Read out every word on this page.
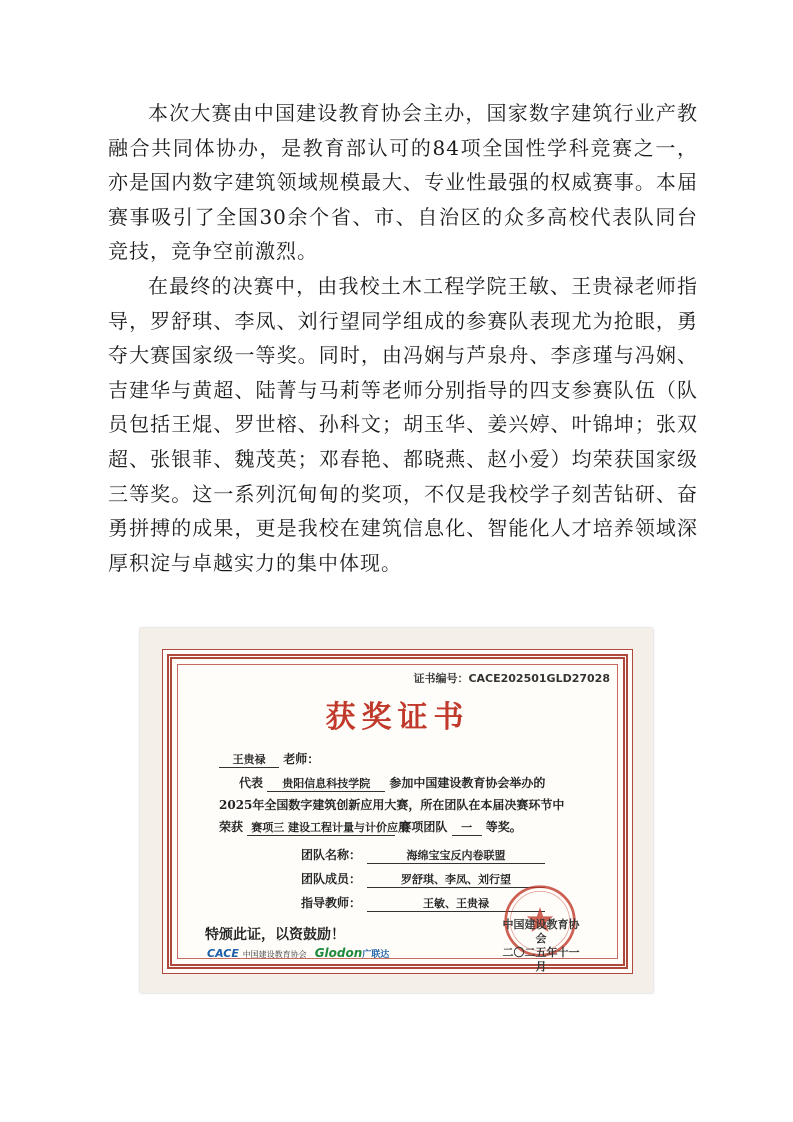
本次大赛由中国建设教育协会主办，国家数字建筑行业产教融合共同体协办，是教育部认可的84项全国性学科竞赛之一，亦是国内数字建筑领域规模最大、专业性最强的权威赛事。本届赛事吸引了全国30余个省、市、自治区的众多高校代表队同台竞技，竞争空前激烈。

在最终的决赛中，由我校土木工程学院王敏、王贵禄老师指导，罗舒琪、李凤、刘行望同学组成的参赛队表现尤为抢眼，勇夺大赛国家级一等奖。同时，由冯娴与芦泉舟、李彦瑾与冯娴、吉建华与黄超、陆菁与马莉等老师分别指导的四支参赛队伍（队员包括王焜、罗世榕、孙科文；胡玉华、姜兴婷、叶锦坤；张双超、张银菲、魏茂英；邓春艳、都晓燕、赵小爱）均荣获国家级三等奖。这一系列沉甸甸的奖项，不仅是我校学子刻苦钻研、奋勇拼搏的成果，更是我校在建筑信息化、智能化人才培养领域深厚积淀与卓越实力的集中体现。

证书编号：CACE202501GLD27028
获奖证书
王贵禄 老师：
代表 贵阳信息科技学院 参加中国建设教育协会举办的
2025年全国数字建筑创新应用大赛，所在团队在本届决赛环节中
荣获 赛项三 建设工程计量与计价应用 赛项团队 一 等奖。
团队名称：	海绵宝宝反内卷联盟
团队成员：	罗舒琪、李凤、刘行望
指导教师：	王敏、王贵禄
特颁此证，以资鼓励！
CACE 中国建设教育协会 Glodon广联达
中国建设教育协会
二〇二五年十一月
